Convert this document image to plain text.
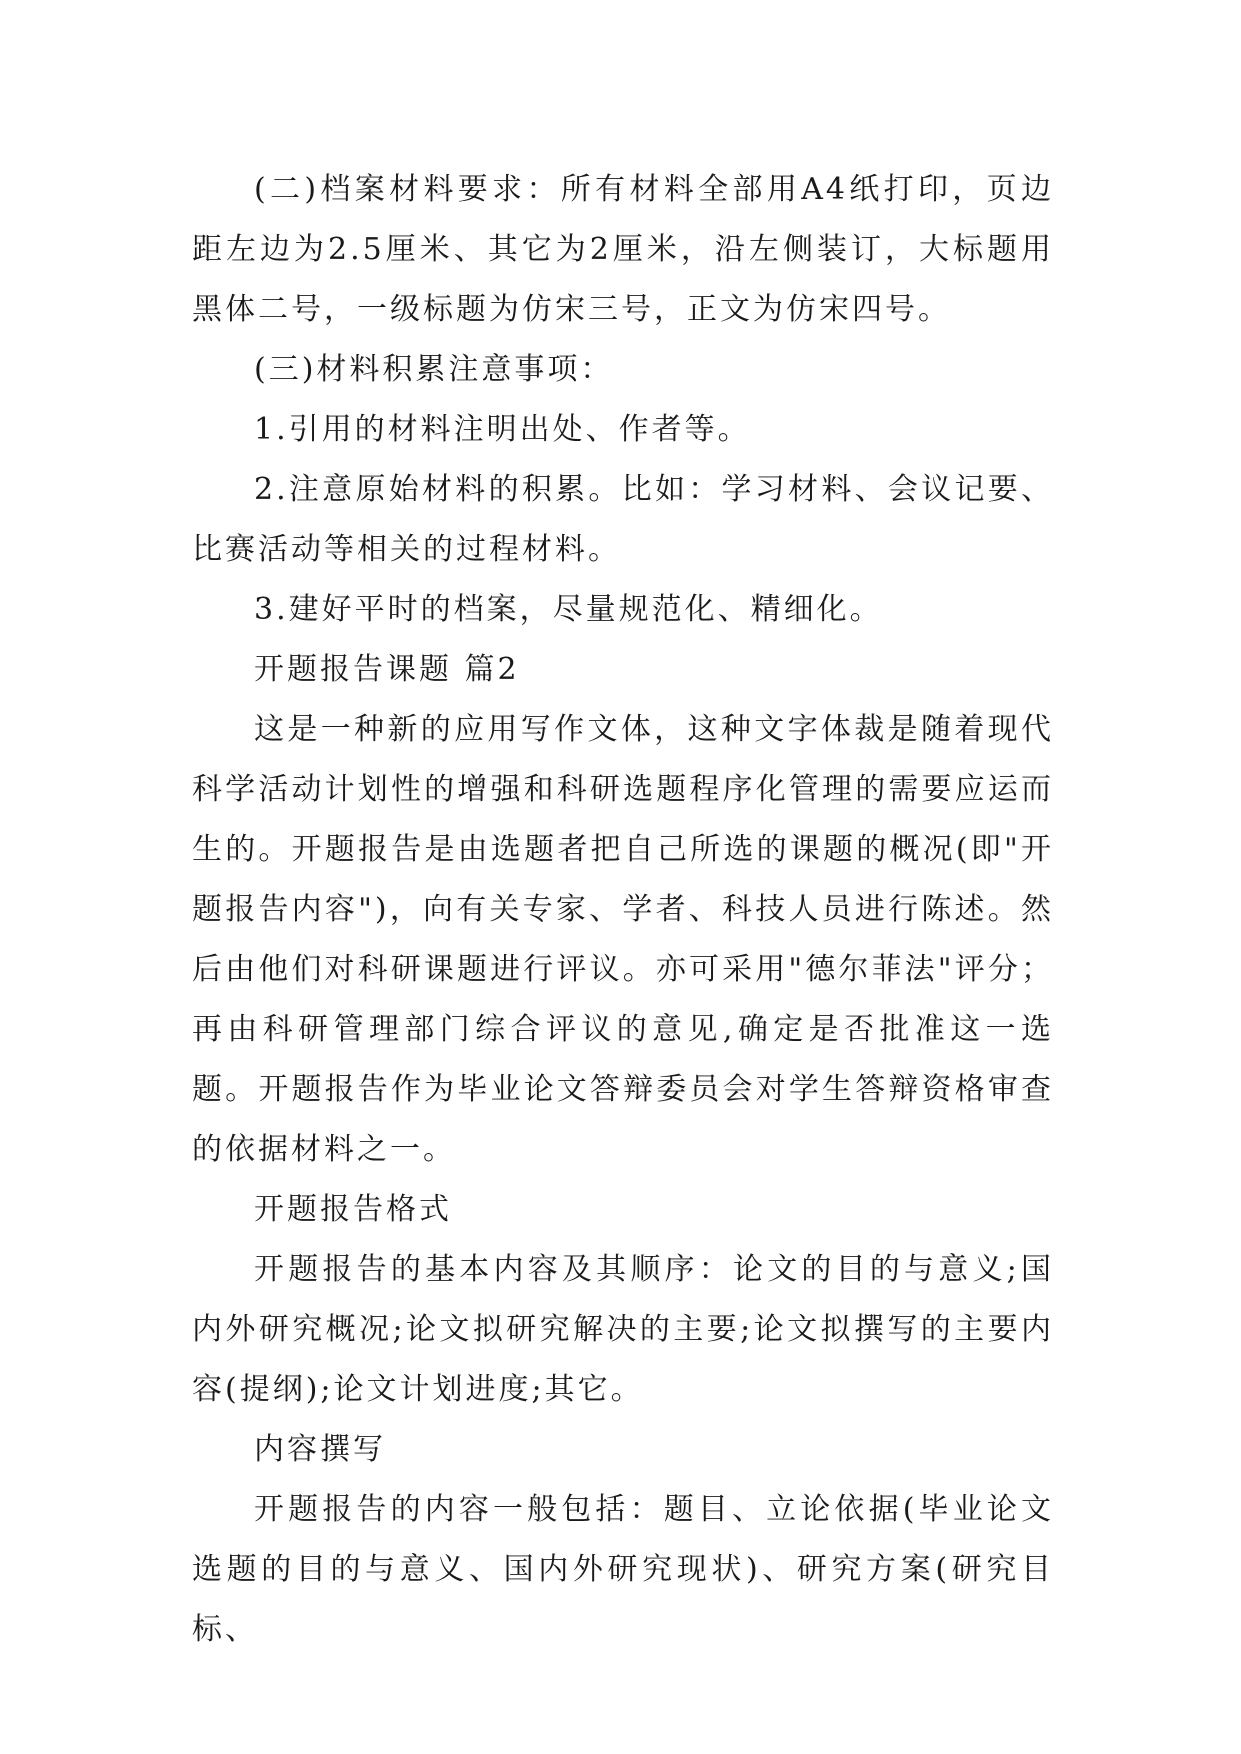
(二)档案材料要求：所有材料全部用A4纸打印，页边距左边为2.5厘米、其它为2厘米，沿左侧装订，大标题用黑体二号，一级标题为仿宋三号，正文为仿宋四号。

(三)材料积累注意事项：

1.引用的材料注明出处、作者等。

2.注意原始材料的积累。比如：学习材料、会议记要、比赛活动等相关的过程材料。

3.建好平时的档案，尽量规范化、精细化。

开题报告课题 篇2

这是一种新的应用写作文体，这种文字体裁是随着现代科学活动计划性的增强和科研选题程序化管理的需要应运而生的。开题报告是由选题者把自己所选的课题的概况(即"开题报告内容")，向有关专家、学者、科技人员进行陈述。然后由他们对科研课题进行评议。亦可采用"德尔菲法"评分；再由科研管理部门综合评议的意见,确定是否批准这一选题。开题报告作为毕业论文答辩委员会对学生答辩资格审查的依据材料之一。

开题报告格式

开题报告的基本内容及其顺序：论文的目的与意义;国内外研究概况;论文拟研究解决的主要;论文拟撰写的主要内容(提纲);论文计划进度;其它。

内容撰写

开题报告的内容一般包括：题目、立论依据(毕业论文选题的目的与意义、国内外研究现状)、研究方案(研究目标、
